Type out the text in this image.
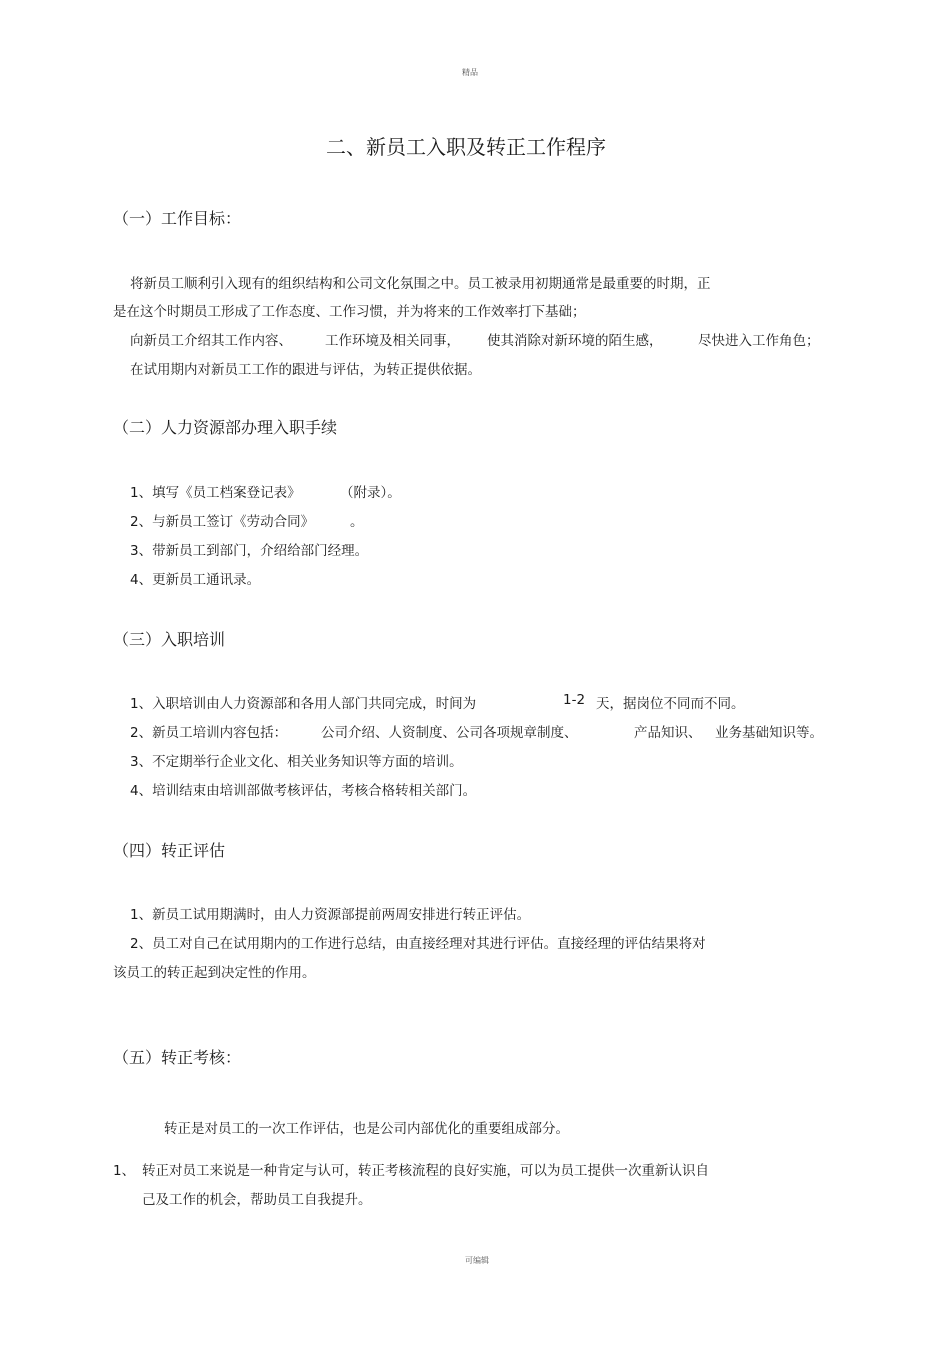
精品
二、新员工入职及转正工作程序
（一）工作目标：
将新员工顺利引入现有的组织结构和公司文化氛围之中。员工被录用初期通常是最重要的时期，正
是在这个时期员工形成了工作态度、工作习惯，并为将来的工作效率打下基础；
向新员工介绍其工作内容、 工作环境及相关同事， 使其消除对新环境的陌生感，	尽快进入工作角色；
在试用期内对新员工工作的跟进与评估，为转正提供依据。
（二）人力资源部办理入职手续
1、填写《员工档案登记表》	（附录）。
2、与新员工签订《劳动合同》	。
3、带新员工到部门，介绍给部门经理。
4、更新员工通讯录。
（三）入职培训
1、入职培训由人力资源部和各用人部门共同完成，时间为	1-2 天，据岗位不同而不同。
2、新员工培训内容包括：	公司介绍、人资制度、公司各项规章制度、	产品知识、 业务基础知识等。
3、不定期举行企业文化、相关业务知识等方面的培训。
4、培训结束由培训部做考核评估，考核合格转相关部门。
（四）转正评估
1、新员工试用期满时，由人力资源部提前两周安排进行转正评估。
2、员工对自己在试用期内的工作进行总结，由直接经理对其进行评估。直接经理的评估结果将对
该员工的转正起到决定性的作用。
（五）转正考核：
转正是对员工的一次工作评估，也是公司内部优化的重要组成部分。
1、 转正对员工来说是一种肯定与认可，转正考核流程的良好实施，可以为员工提供一次重新认识自
己及工作的机会，帮助员工自我提升。
可编辑
